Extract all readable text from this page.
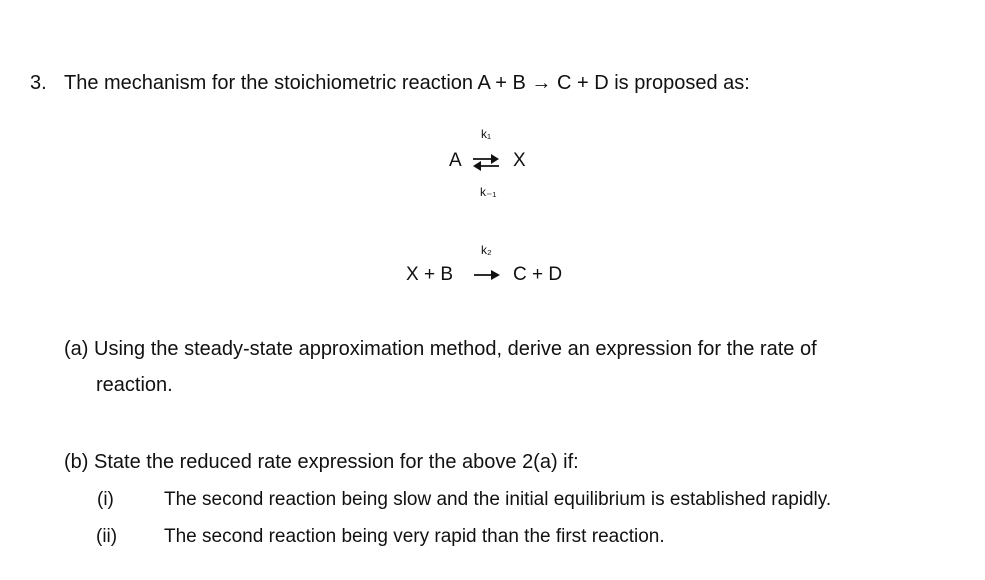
3. The mechanism for the stoichiometric reaction A + B → C + D is proposed as:
k₁
A ⇌ X
k₋₁
k₂
X + B	C + D
(a) Using the steady-state approximation method, derive an expression for the rate of
reaction.
(b) State the reduced rate expression for the above 2(a) if:
(i)	The second reaction being slow and the initial equilibrium is established rapidly.
(ii) The second reaction being very rapid than the first reaction.
